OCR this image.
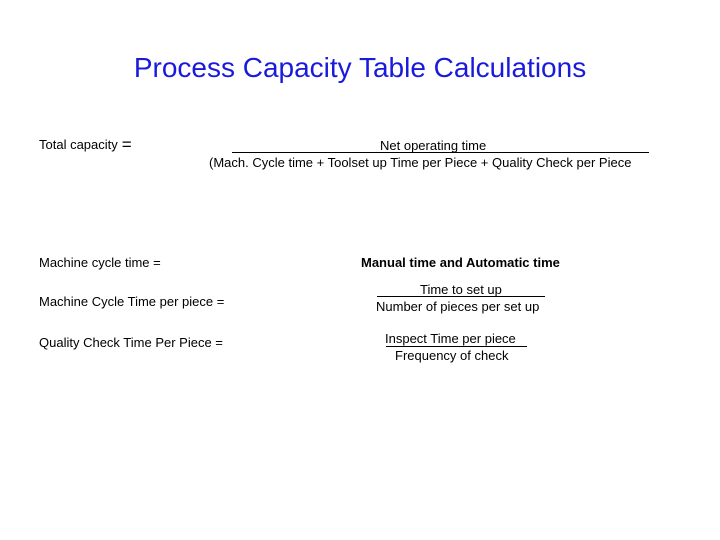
Process Capacity Table Calculations
Total capacity =	Net operating time
(Mach. Cycle time + Toolset up Time per Piece + Quality Check per Piece
Machine cycle time =	Manual time and Automatic time
Machine Cycle Time per piece =
Time to set up
Number of pieces per set up
Quality Check Time Per Piece =	Inspect Time per piece
Frequency of check
